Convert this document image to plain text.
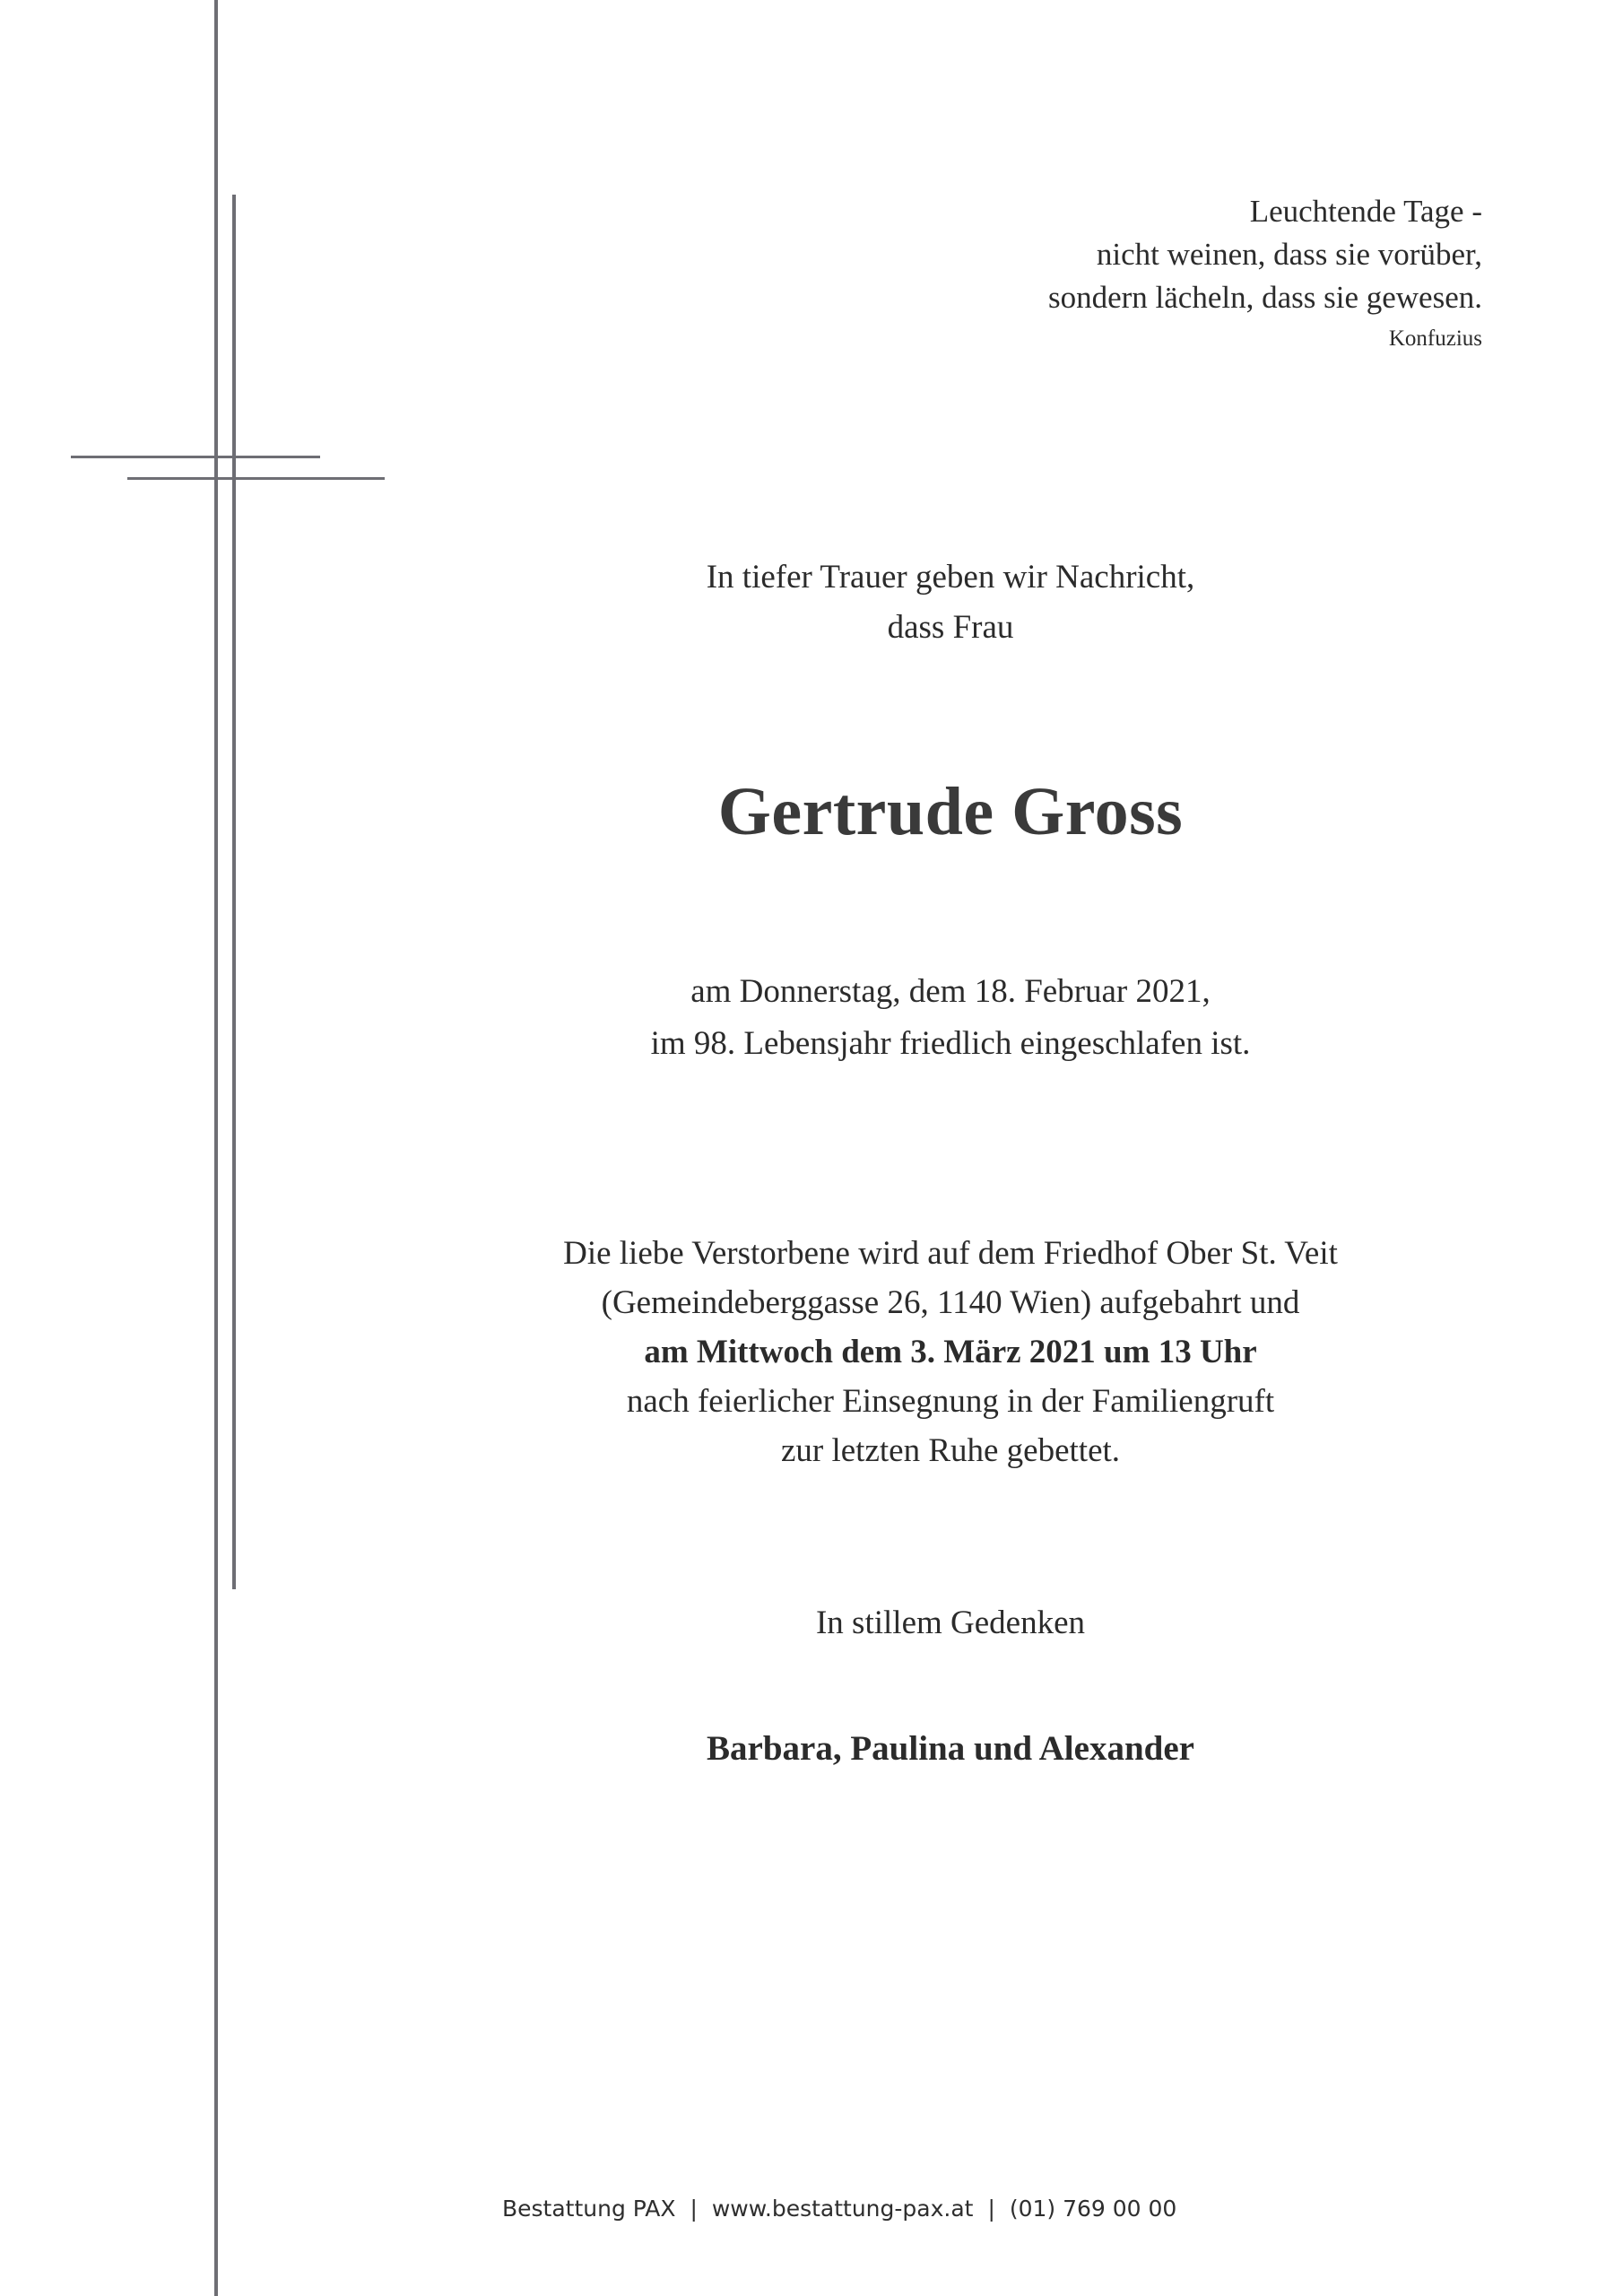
Leuchtende Tage -
nicht weinen, dass sie vorüber,
sondern lächeln, dass sie gewesen.
Konfuzius
In tiefer Trauer geben wir Nachricht,
dass Frau
Gertrude Gross
am Donnerstag, dem 18. Februar 2021,
im 98. Lebensjahr friedlich eingeschlafen ist.
Die liebe Verstorbene wird auf dem Friedhof Ober St. Veit
(Gemeindeberggasse 26, 1140 Wien) aufgebahrt und
am Mittwoch dem 3. März 2021 um 13 Uhr
nach feierlicher Einsegnung in der Familiengruft
zur letzten Ruhe gebettet.
In stillem Gedenken
Barbara, Paulina und Alexander
Bestattung PAX | www.bestattung-pax.at | (01) 769 00 00
